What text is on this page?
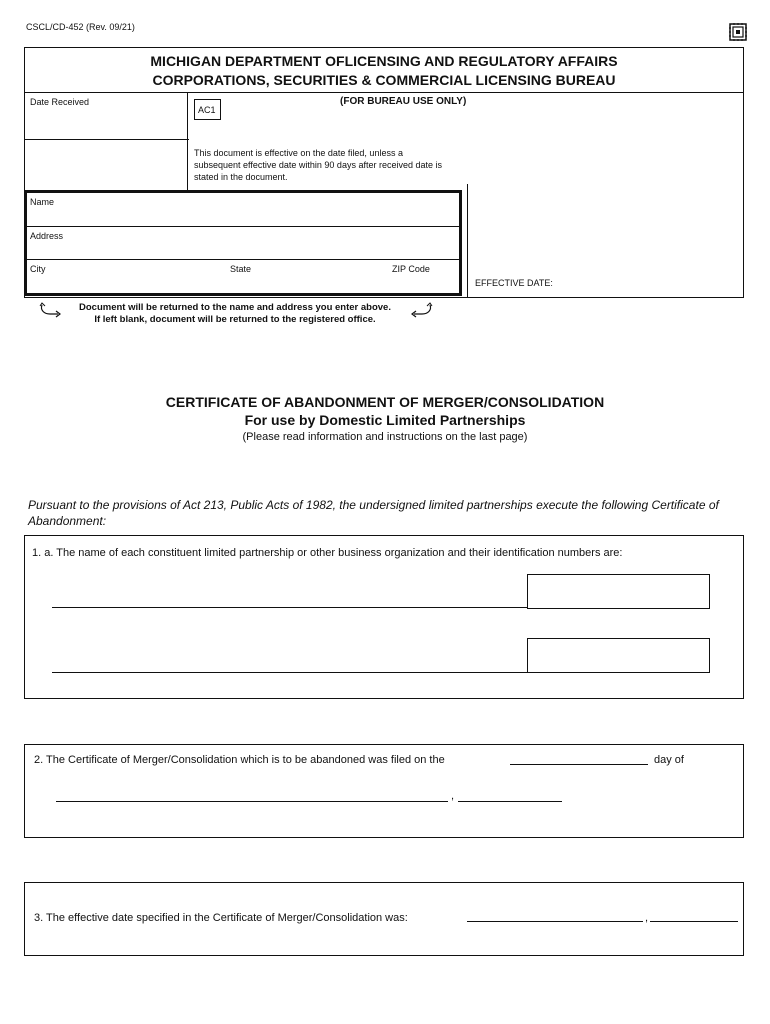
CSCL/CD-452 (Rev. 09/21)
MICHIGAN DEPARTMENT OFLICENSING AND REGULATORY AFFAIRS
CORPORATIONS, SECURITIES & COMMERCIAL LICENSING BUREAU
Date Received
AC1
(FOR BUREAU USE ONLY)
This document is effective on the date filed, unless a subsequent effective date within 90 days after received date is stated in the document.
Name
Address
City	State	ZIP Code
EFFECTIVE DATE:
Document will be returned to the name and address you enter above.
If left blank, document will be returned to the registered office.
CERTIFICATE OF ABANDONMENT OF MERGER/CONSOLIDATION
For use by Domestic Limited Partnerships
(Please read information and instructions on the last page)
Pursuant to the provisions of Act 213, Public Acts of 1982, the undersigned limited partnerships execute the following Certificate of Abandonment:
1. a. The name of each constituent limited partnership or other business organization and their identification numbers are:
2. The Certificate of Merger/Consolidation which is to be abandoned was filed on the	day of
,
3. The effective date specified in the Certificate of Merger/Consolidation was:	,
